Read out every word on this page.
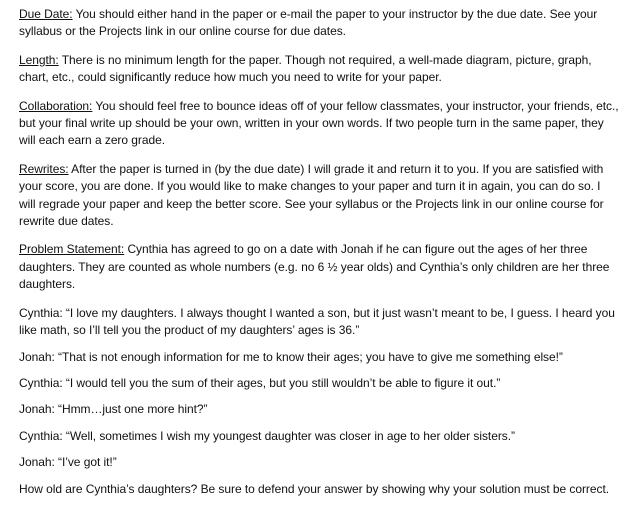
Due Date: You should either hand in the paper or e-mail the paper to your instructor by the due date. See your syllabus or the Projects link in our online course for due dates.

Length: There is no minimum length for the paper. Though not required, a well-made diagram, picture, graph, chart, etc., could significantly reduce how much you need to write for your paper.

Collaboration: You should feel free to bounce ideas off of your fellow classmates, your instructor, your friends, etc., but your final write up should be your own, written in your own words. If two people turn in the same paper, they will each earn a zero grade.

Rewrites: After the paper is turned in (by the due date) I will grade it and return it to you. If you are satisfied with your score, you are done. If you would like to make changes to your paper and turn it in again, you can do so. I will regrade your paper and keep the better score. See your syllabus or the Projects link in our online course for rewrite due dates.

Problem Statement: Cynthia has agreed to go on a date with Jonah if he can figure out the ages of her three daughters. They are counted as whole numbers (e.g. no 6 ½ year olds) and Cynthia’s only children are her three daughters.

Cynthia: “I love my daughters. I always thought I wanted a son, but it just wasn’t meant to be, I guess. I heard you like math, so I’ll tell you the product of my daughters’ ages is 36.”

Jonah: “That is not enough information for me to know their ages; you have to give me something else!”

Cynthia: “I would tell you the sum of their ages, but you still wouldn’t be able to figure it out.”

Jonah: “Hmm…just one more hint?”

Cynthia: “Well, sometimes I wish my youngest daughter was closer in age to her older sisters.”

Jonah: “I’ve got it!”

How old are Cynthia’s daughters? Be sure to defend your answer by showing why your solution must be correct.
